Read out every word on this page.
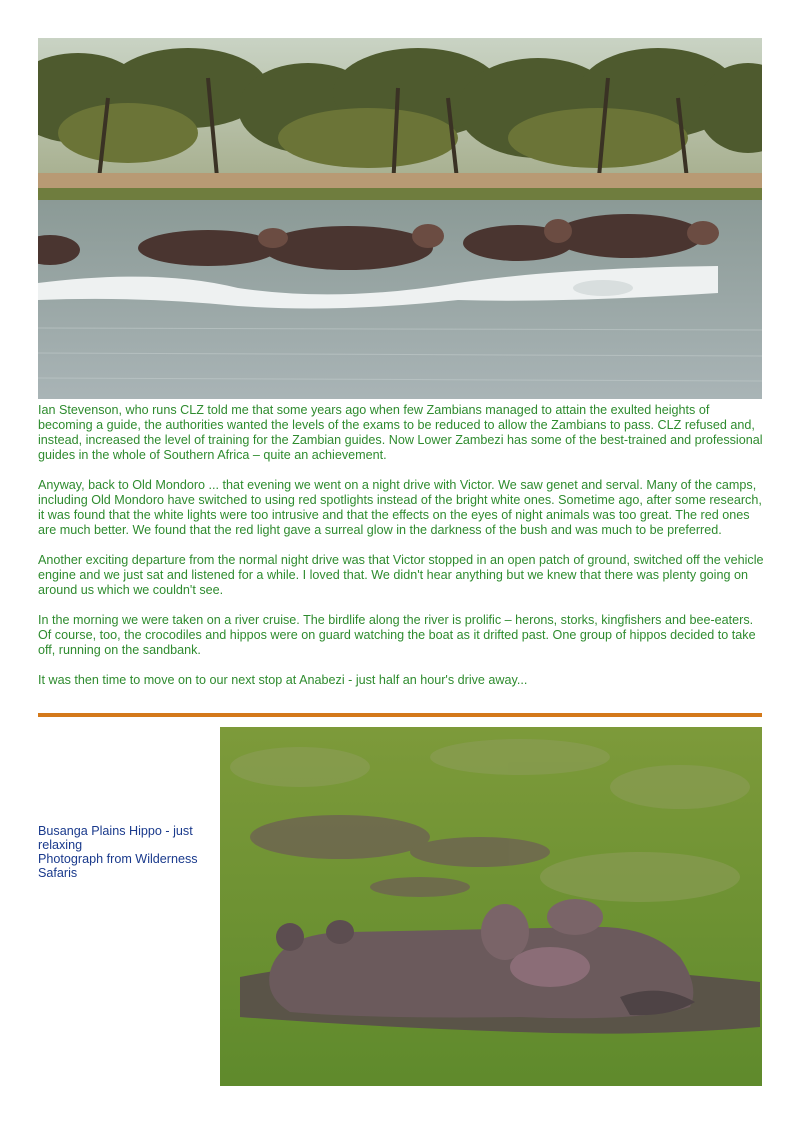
Ian Stevenson, who runs CLZ told me that some years ago when few Zambians managed to attain the exulted heights of becoming a guide, the authorities wanted the levels of the exams to be reduced to allow the Zambians to pass. CLZ refused and, instead, increased the level of training for the Zambian guides. Now Lower Zambezi has some of the best-trained and professional guides in the whole of Southern Africa – quite an achievement.

Anyway, back to Old Mondoro ... that evening we went on a night drive with Victor. We saw genet and serval. Many of the camps, including Old Mondoro have switched to using red spotlights instead of the bright white ones. Sometime ago, after some research, it was found that the white lights were too intrusive and that the effects on the eyes of night animals was too great. The red ones are much better. We found that the red light gave a surreal glow in the darkness of the bush and was much to be preferred.

Another exciting departure from the normal night drive was that Victor stopped in an open patch of ground, switched off the vehicle engine and we just sat and listened for a while. I loved that. We didn't hear anything but we knew that there was plenty going on around us which we couldn't see.

In the morning we were taken on a river cruise. The birdlife along the river is prolific – herons, storks, kingfishers and bee-eaters. Of course, too, the crocodiles and hippos were on guard watching the boat as it drifted past. One group of hippos decided to take off, running on the sandbank.

It was then time to move on to our next stop at Anabezi - just half an hour's drive away...

Busanga Plains Hippo - just relaxing
Photograph from Wilderness Safaris
